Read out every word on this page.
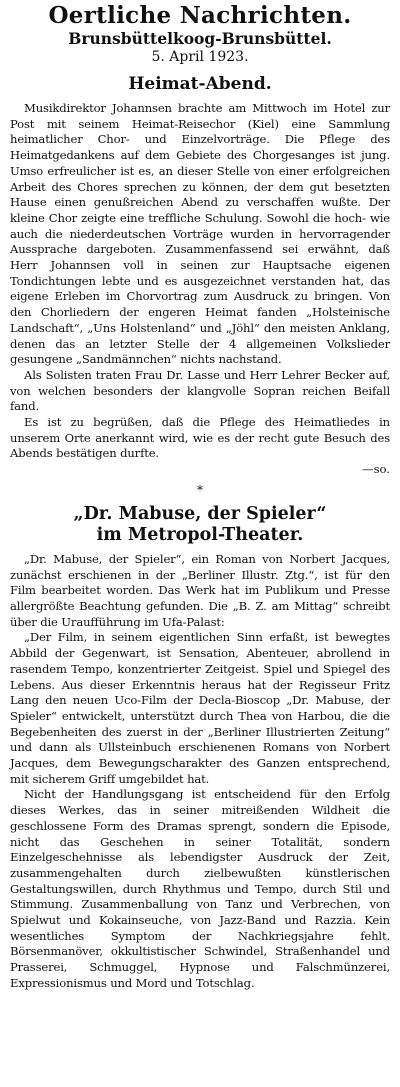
Oertliche Nachrichten.
Brunsbüttelkoog-Brunsbüttel.
5. April 1923.
Heimat-Abend.

Musikdirektor Johannsen brachte am Mittwoch im Hotel zur Post mit seinem Heimat-Reisechor (Kiel) eine Sammlung heimatlicher Chor- und Einzelvorträge. Die Pflege des Heimatgedankens auf dem Gebiete des Chorgesanges ist jung. Umso erfreulicher ist es, an dieser Stelle von einer erfolgreichen Arbeit des Chores sprechen zu können, der dem gut besetzten Hause einen genußreichen Abend zu verschaffen wußte. Der kleine Chor zeigte eine treffliche Schulung. Sowohl die hoch- wie auch die niederdeutschen Vorträge wurden in hervorragender Aussprache dargeboten. Zusammenfassend sei erwähnt, daß Herr Johannsen voll in seinen zur Hauptsache eigenen Tondichtungen lebte und es ausgezeichnet verstanden hat, das eigene Erleben im Chorvortrag zum Ausdruck zu bringen. Von den Chorliedern der engeren Heimat fanden „Holsteinische Landschaft“, „Uns Holstenland“ und „Jöhl“ den meisten Anklang, denen das an letzter Stelle der 4 allgemeinen Volkslieder gesungene „Sandmännchen“ nichts nachstand.

Als Solisten traten Frau Dr. Lasse und Herr Lehrer Becker auf, von welchen besonders der klangvolle Sopran reichen Beifall fand.

Es ist zu begrüßen, daß die Pflege des Heimatliedes in unserem Orte anerkannt wird, wie es der recht gute Besuch des Abends bestätigen durfte.

—so.
*
„Dr. Mabuse, der Spieler“
im Metropol-Theater.

„Dr. Mabuse, der Spieler“, ein Roman von Norbert Jacques, zunächst erschienen in der „Berliner Illustr. Ztg.“, ist für den Film bearbeitet worden. Das Werk hat im Publikum und Presse allergrößte Beachtung gefunden. Die „B. Z. am Mittag“ schreibt über die Uraufführung im Ufa-Palast:

„Der Film, in seinem eigentlichen Sinn erfaßt, ist bewegtes Abbild der Gegenwart, ist Sensation, Abenteuer, abrollend in rasendem Tempo, konzentrierter Zeitgeist. Spiel und Spiegel des Lebens. Aus dieser Erkenntnis heraus hat der Regisseur Fritz Lang den neuen Uco-Film der Decla-Bioscop „Dr. Mabuse, der Spieler“ entwickelt, unterstützt durch Thea von Harbou, die die Begebenheiten des zuerst in der „Berliner Illustrierten Zeitung“ und dann als Ullsteinbuch erschienenen Romans von Norbert Jacques, dem Bewegungscharakter des Ganzen entsprechend, mit sicherem Griff umgebildet hat.

Nicht der Handlungsgang ist entscheidend für den Erfolg dieses Werkes, das in seiner mitreißenden Wildheit die geschlossene Form des Dramas sprengt, sondern die Episode, nicht das Geschehen in seiner Totalität, sondern Einzelgeschehnisse als lebendigster Ausdruck der Zeit, zusammengehalten durch zielbewußten künstlerischen Gestaltungswillen, durch Rhythmus und Tempo, durch Stil und Stimmung. Zusammenballung von Tanz und Verbrechen, von Spielwut und Kokainseuche, von Jazz-Band und Razzia. Kein wesentliches Symptom der Nachkriegsjahre fehlt. Börsenmanöver, okkultistischer Schwindel, Straßenhandel und Prasserei, Schmuggel, Hypnose und Falschmünzerei, Expressionismus und Mord und Totschlag.
